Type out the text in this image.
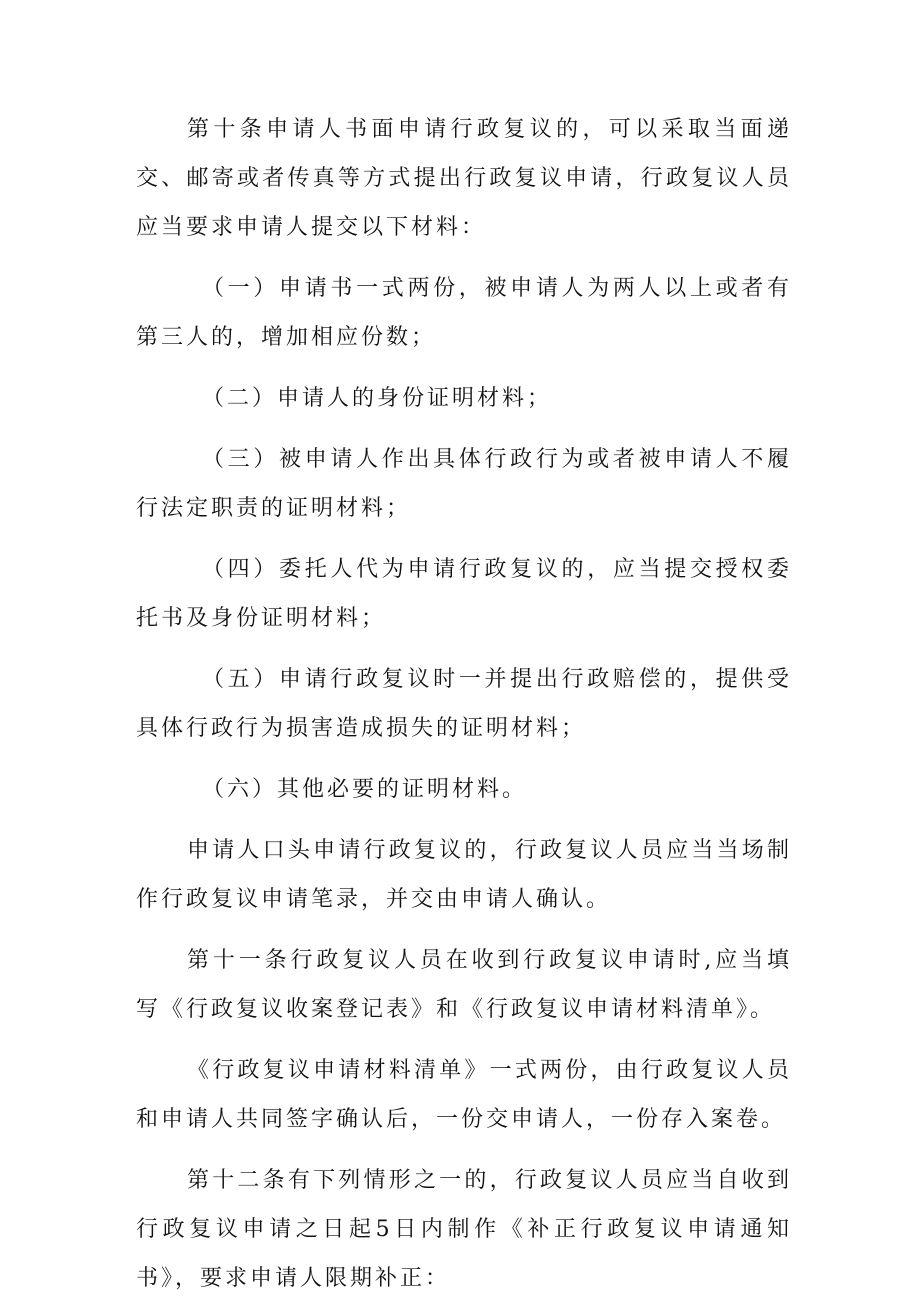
第十条申请人书面申请行政复议的，可以采取当面递交、邮寄或者传真等方式提出行政复议申请，行政复议人员应当要求申请人提交以下材料：

（一）申请书一式两份，被申请人为两人以上或者有第三人的，增加相应份数；

（二）申请人的身份证明材料；

（三）被申请人作出具体行政行为或者被申请人不履行法定职责的证明材料；

（四）委托人代为申请行政复议的，应当提交授权委托书及身份证明材料；

（五）申请行政复议时一并提出行政赔偿的，提供受具体行政行为损害造成损失的证明材料；

（六）其他必要的证明材料。

申请人口头申请行政复议的，行政复议人员应当当场制作行政复议申请笔录，并交由申请人确认。

第十一条行政复议人员在收到行政复议申请时,应当填写《行政复议收案登记表》和《行政复议申请材料清单》。

《行政复议申请材料清单》一式两份，由行政复议人员和申请人共同签字确认后，一份交申请人，一份存入案卷。

第十二条有下列情形之一的，行政复议人员应当自收到行政复议申请之日起5日内制作《补正行政复议申请通知书》，要求申请人限期补正：
